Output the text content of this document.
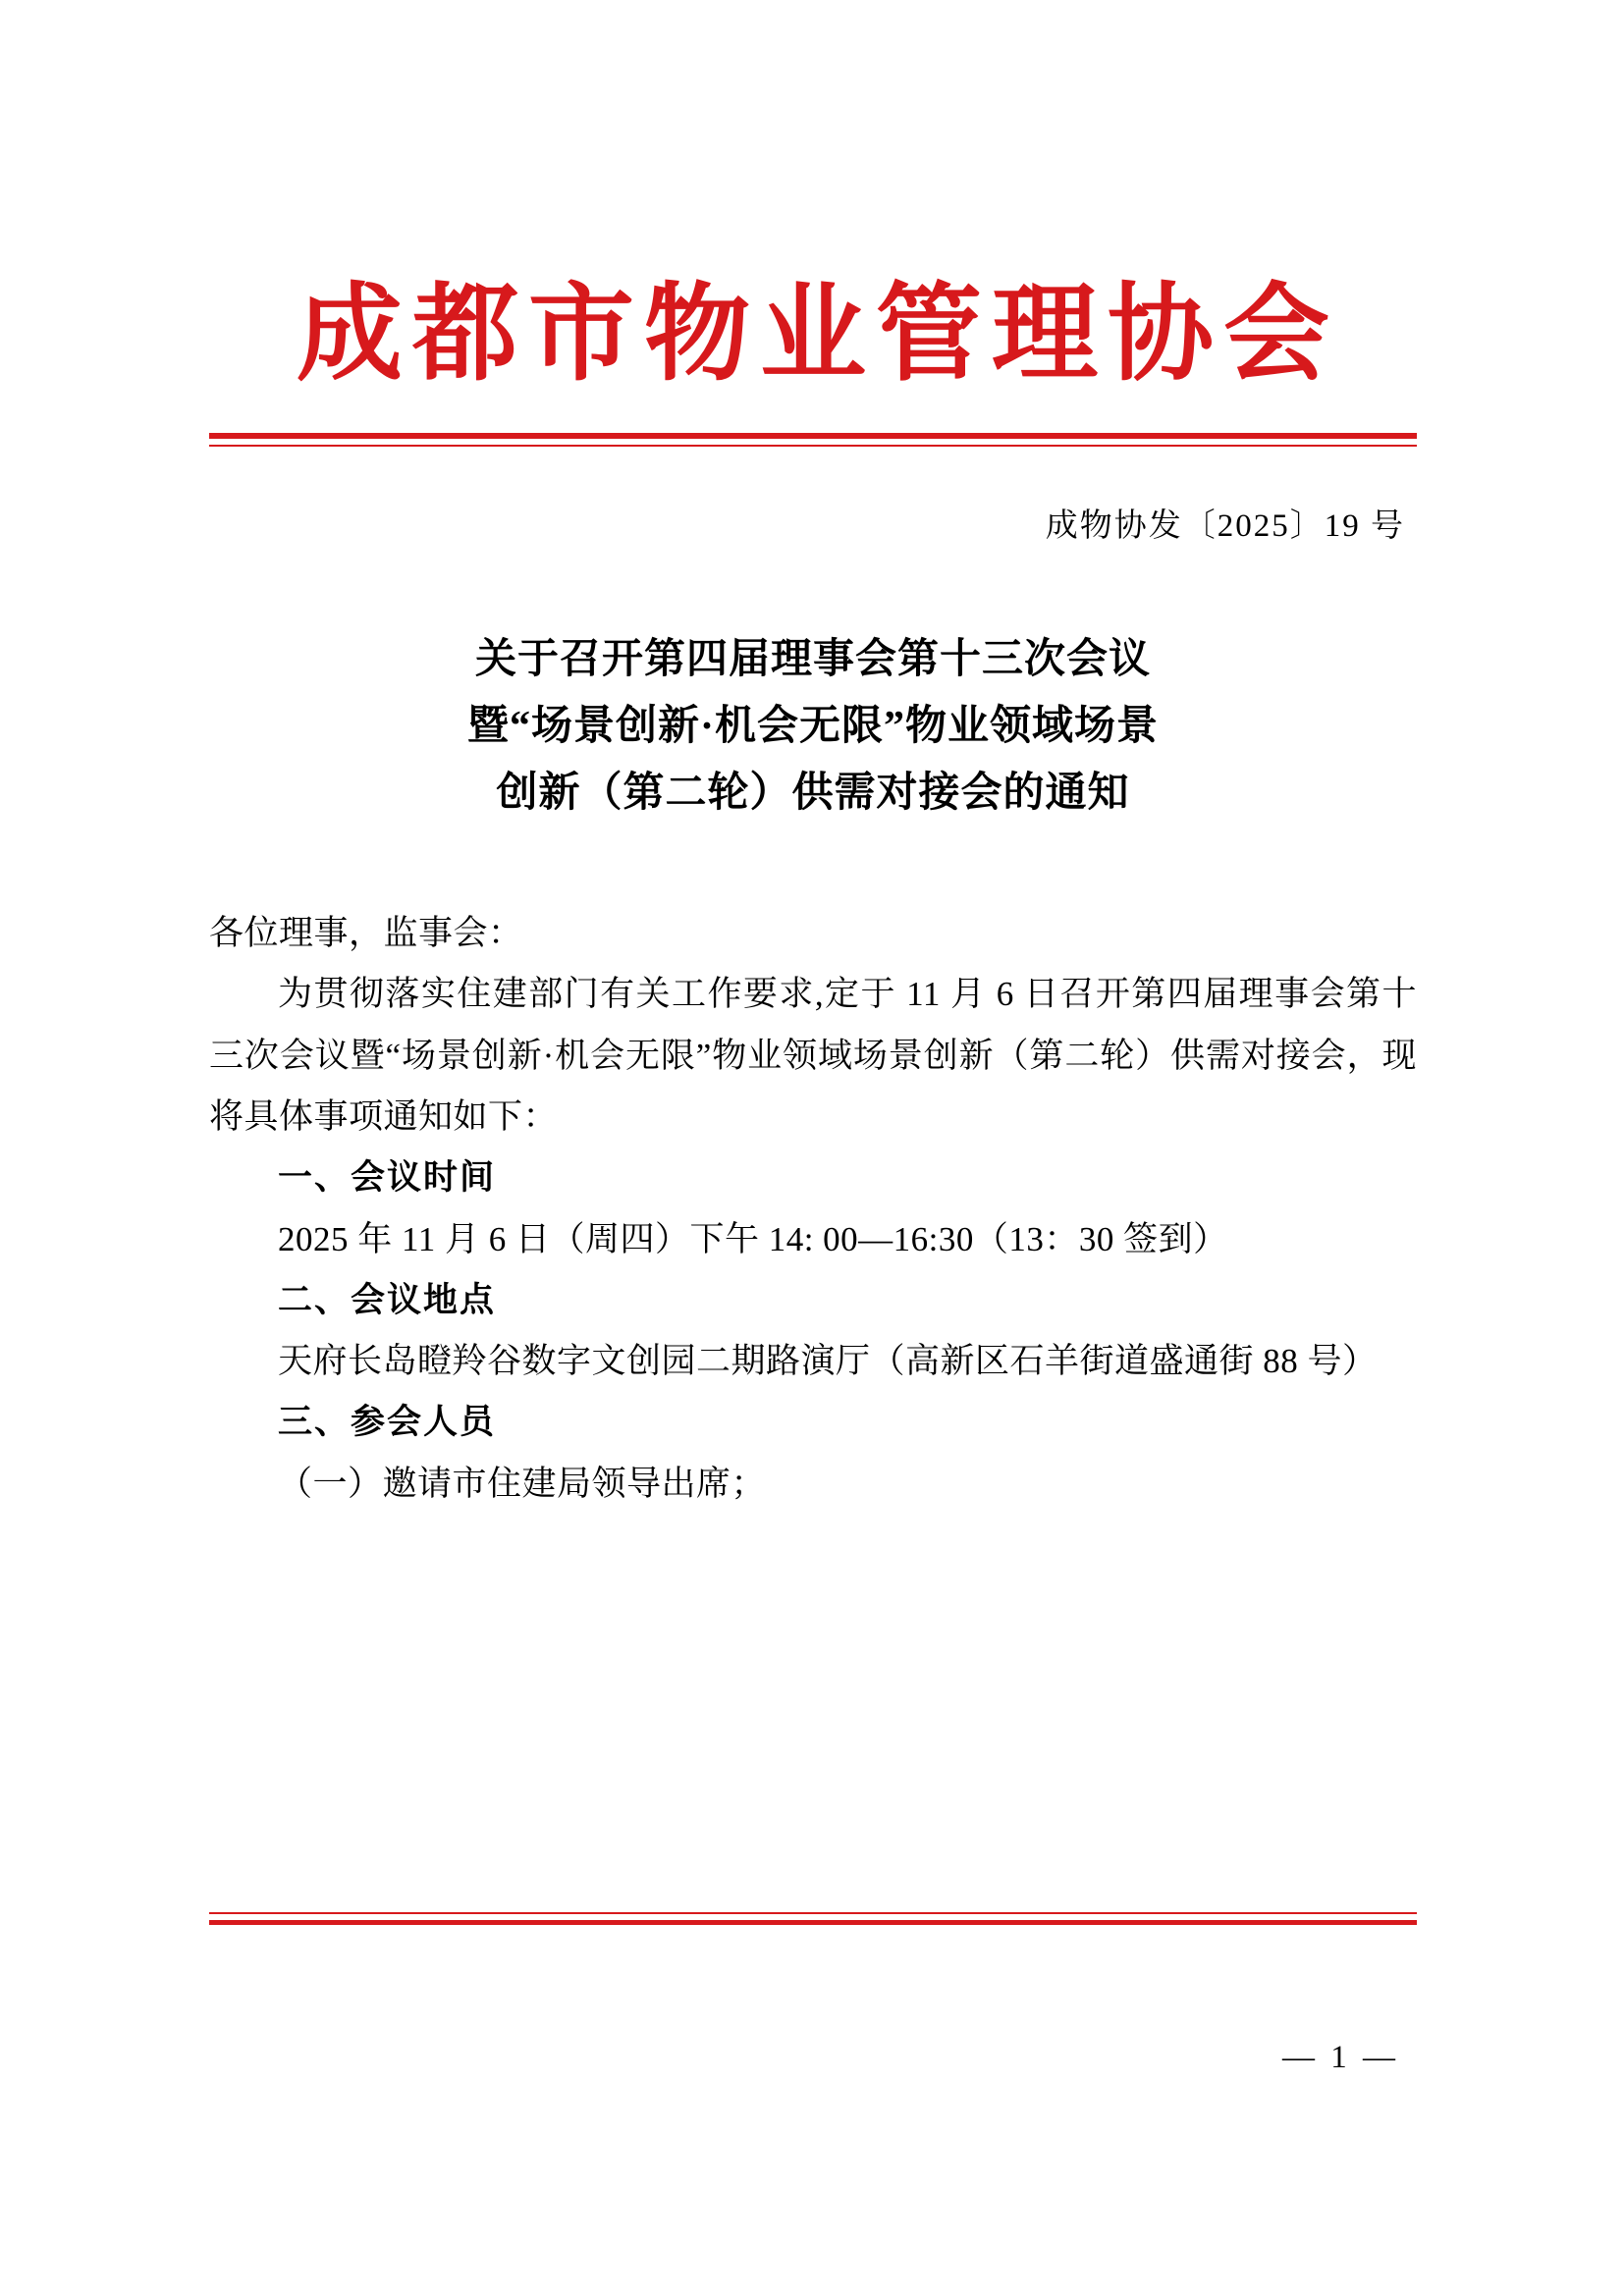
成都市物业管理协会
成物协发〔2025〕19 号
关于召开第四届理事会第十三次会议
暨“场景创新·机会无限”物业领域场景
创新（第二轮）供需对接会的通知

各位理事，监事会：

为贯彻落实住建部门有关工作要求,定于 11 月 6 日召开第四届理事会第十三次会议暨“场景创新·机会无限”物业领域场景创新（第二轮）供需对接会，现将具体事项通知如下：

一、会议时间

2025 年 11 月 6 日（周四）下午 14: 00—16:30（13：30 签到）

二、会议地点

天府长岛瞪羚谷数字文创园二期路演厅（高新区石羊街道盛通街 88 号）

三、参会人员

（一）邀请市住建局领导出席；

— 1 —
